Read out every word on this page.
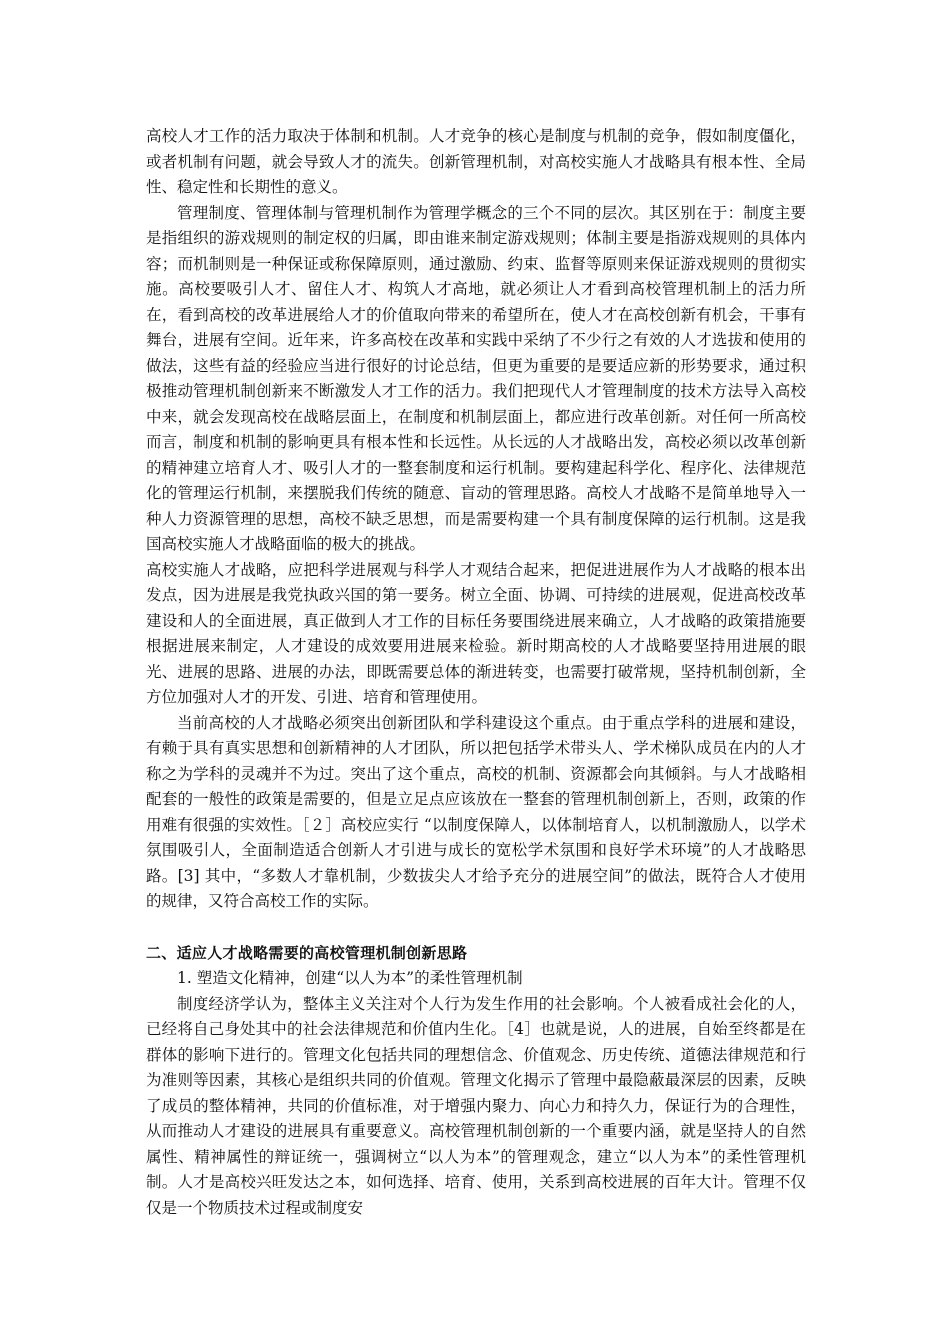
高校人才工作的活力取决于体制和机制。人才竞争的核心是制度与机制的竞争，假如制度僵化，或者机制有问题，就会导致人才的流失。创新管理机制，对高校实施人才战略具有根本性、全局性、稳定性和长期性的意义。

管理制度、管理体制与管理机制作为管理学概念的三个不同的层次。其区别在于：制度主要是指组织的游戏规则的制定权的归属，即由谁来制定游戏规则；体制主要是指游戏规则的具体内容；而机制则是一种保证或称保障原则，通过激励、约束、监督等原则来保证游戏规则的贯彻实施。高校要吸引人才、留住人才、构筑人才高地，就必须让人才看到高校管理机制上的活力所在，看到高校的改革进展给人才的价值取向带来的希望所在，使人才在高校创新有机会，干事有舞台，进展有空间。近年来，许多高校在改革和实践中采纳了不少行之有效的人才选拔和使用的做法，这些有益的经验应当进行很好的讨论总结，但更为重要的是要适应新的形势要求，通过积极推动管理机制创新来不断激发人才工作的活力。我们把现代人才管理制度的技术方法导入高校中来，就会发现高校在战略层面上，在制度和机制层面上，都应进行改革创新。对任何一所高校而言，制度和机制的影响更具有根本性和长远性。从长远的人才战略出发，高校必须以改革创新的精神建立培育人才、吸引人才的一整套制度和运行机制。要构建起科学化、程序化、法律规范化的管理运行机制，来摆脱我们传统的随意、盲动的管理思路。高校人才战略不是简单地导入一种人力资源管理的思想，高校不缺乏思想，而是需要构建一个具有制度保障的运行机制。这是我国高校实施人才战略面临的极大的挑战。

高校实施人才战略，应把科学进展观与科学人才观结合起来，把促进进展作为人才战略的根本出发点，因为进展是我党执政兴国的第一要务。树立全面、协调、可持续的进展观，促进高校改革建设和人的全面进展，真正做到人才工作的目标任务要围绕进展来确立，人才战略的政策措施要根据进展来制定，人才建设的成效要用进展来检验。新时期高校的人才战略要坚持用进展的眼光、进展的思路、进展的办法，即既需要总体的渐进转变，也需要打破常规，坚持机制创新，全方位加强对人才的开发、引进、培育和管理使用。

当前高校的人才战略必须突出创新团队和学科建设这个重点。由于重点学科的进展和建设，有赖于具有真实思想和创新精神的人才团队，所以把包括学术带头人、学术梯队成员在内的人才称之为学科的灵魂并不为过。突出了这个重点，高校的机制、资源都会向其倾斜。与人才战略相配套的一般性的政策是需要的，但是立足点应该放在一整套的管理机制创新上，否则，政策的作用难有很强的实效性。［２］高校应实行 “以制度保障人，以体制培育人，以机制激励人，以学术氛围吸引人，全面制造适合创新人才引进与成长的宽松学术氛围和良好学术环境”的人才战略思路。[3] 其中，“多数人才靠机制，少数拔尖人才给予充分的进展空间”的做法，既符合人才使用的规律，又符合高校工作的实际。

二、适应人才战略需要的高校管理机制创新思路

1. 塑造文化精神，创建“以人为本”的柔性管理机制

制度经济学认为，整体主义关注对个人行为发生作用的社会影响。个人被看成社会化的人，已经将自己身处其中的社会法律规范和价值内生化。［4］也就是说，人的进展，自始至终都是在群体的影响下进行的。管理文化包括共同的理想信念、价值观念、历史传统、道德法律规范和行为准则等因素，其核心是组织共同的价值观。管理文化揭示了管理中最隐蔽最深层的因素，反映了成员的整体精神，共同的价值标准，对于增强内聚力、向心力和持久力，保证行为的合理性，从而推动人才建设的进展具有重要意义。高校管理机制创新的一个重要内涵，就是坚持人的自然属性、精神属性的辩证统一，强调树立“以人为本”的管理观念，建立“以人为本”的柔性管理机制。人才是高校兴旺发达之本，如何选择、培育、使用，关系到高校进展的百年大计。管理不仅仅是一个物质技术过程或制度安
